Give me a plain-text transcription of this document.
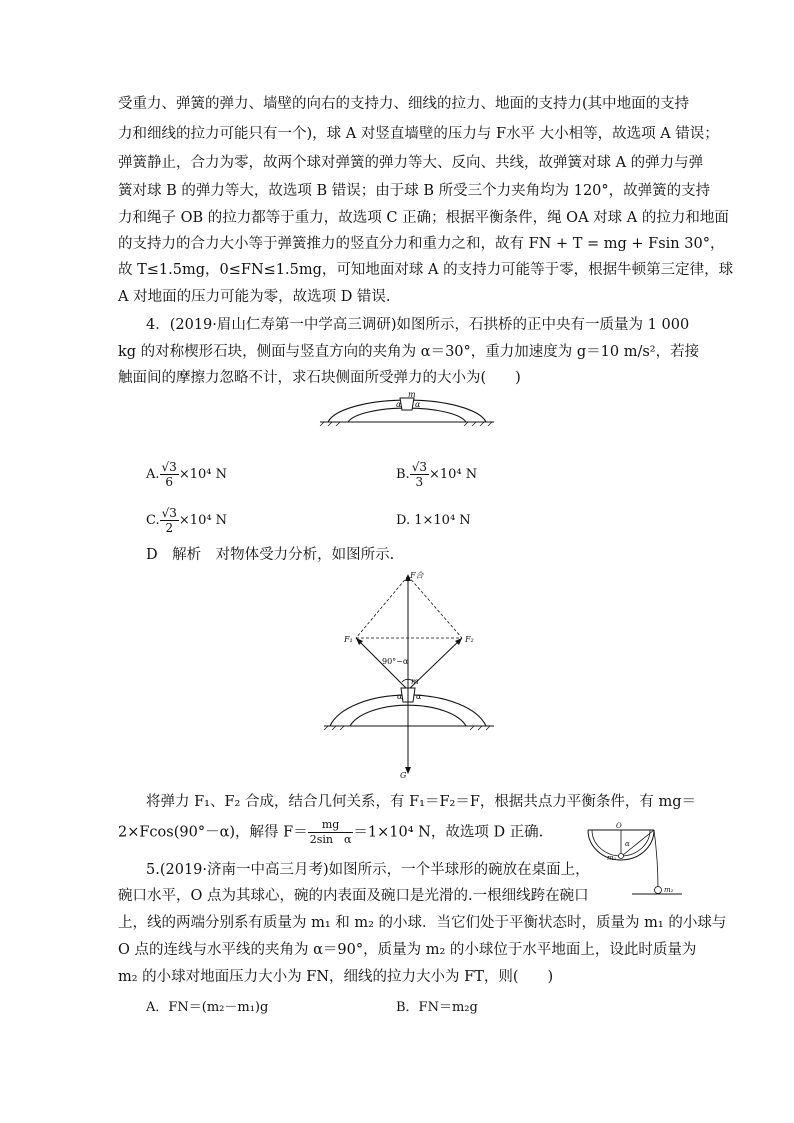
受重力、弹簧的弹力、墙壁的向右的支持力、细线的拉力、地面的支持力(其中地面的支持
力和细线的拉力可能只有一个)，球 A 对竖直墙壁的压力与 F水平 大小相等，故选项 A 错误；
弹簧静止，合力为零，故两个球对弹簧的弹力等大、反向、共线，故弹簧对球 A 的弹力与弹
簧对球 B 的弹力等大，故选项 B 错误；由于球 B 所受三个力夹角均为 120°，故弹簧的支持
力和绳子 OB 的拉力都等于重力，故选项 C 正确；根据平衡条件，绳 OA 对球 A 的拉力和地面
的支持力的合力大小等于弹簧推力的竖直分力和重力之和，故有 FN + T = mg + Fsin 30°，
故 T≤1.5mg，0≤FN≤1.5mg，可知地面对球 A 的支持力可能等于零，根据牛顿第三定律，球
A 对地面的压力可能为零，故选项 D 错误.
4．(2019·眉山仁寿第一中学高三调研)如图所示，石拱桥的正中央有一质量为 1 000
kg 的对称楔形石块，侧面与竖直方向的夹角为 α＝30°，重力加速度为 g＝10 m/s²，若接
触面间的摩擦力忽略不计，求石块侧面所受弹力的大小为(　　)
m
α α
A. $\frac{√3}{6} \times 10^4$ N	B. $\frac{√3}{3} \times 10^4$ N
C. $\frac{√3}{2} \times 10^4$ N	D. 1×10⁴ N
D　解析　对物体受力分析，如图所示.
F合
F₁	F₂
90°−α
m
α α
G
将弹力 F₁、F₂ 合成，结合几何关系，有 F₁＝F₂＝F，根据共点力平衡条件，有 mg＝
2×Fcos(90°－α)，解得 $F= \frac{mg}{\text{2sin　α}} =1\times 10^4$ N，故选项 D 正确.
5.(2019·济南一中高三月考)如图所示，一个半球形的碗放在桌面上，
碗口水平，O 点为其球心，碗的内表面及碗口是光滑的.一根细线跨在碗口
上，线的两端分别系有质量为 m₁ 和 m₂ 的小球．当它们处于平衡状态时，质量为 m₁ 的小球与
O 点的连线与水平线的夹角为 α＝90°，质量为 m₂ 的小球位于水平地面上，设此时质量为
m₂ 的小球对地面压力大小为 FN，细线的拉力大小为 FT，则(　　)
O
m₁
α
m₂
A．FN＝(m₂－m₁)g	B．FN＝m₂g
